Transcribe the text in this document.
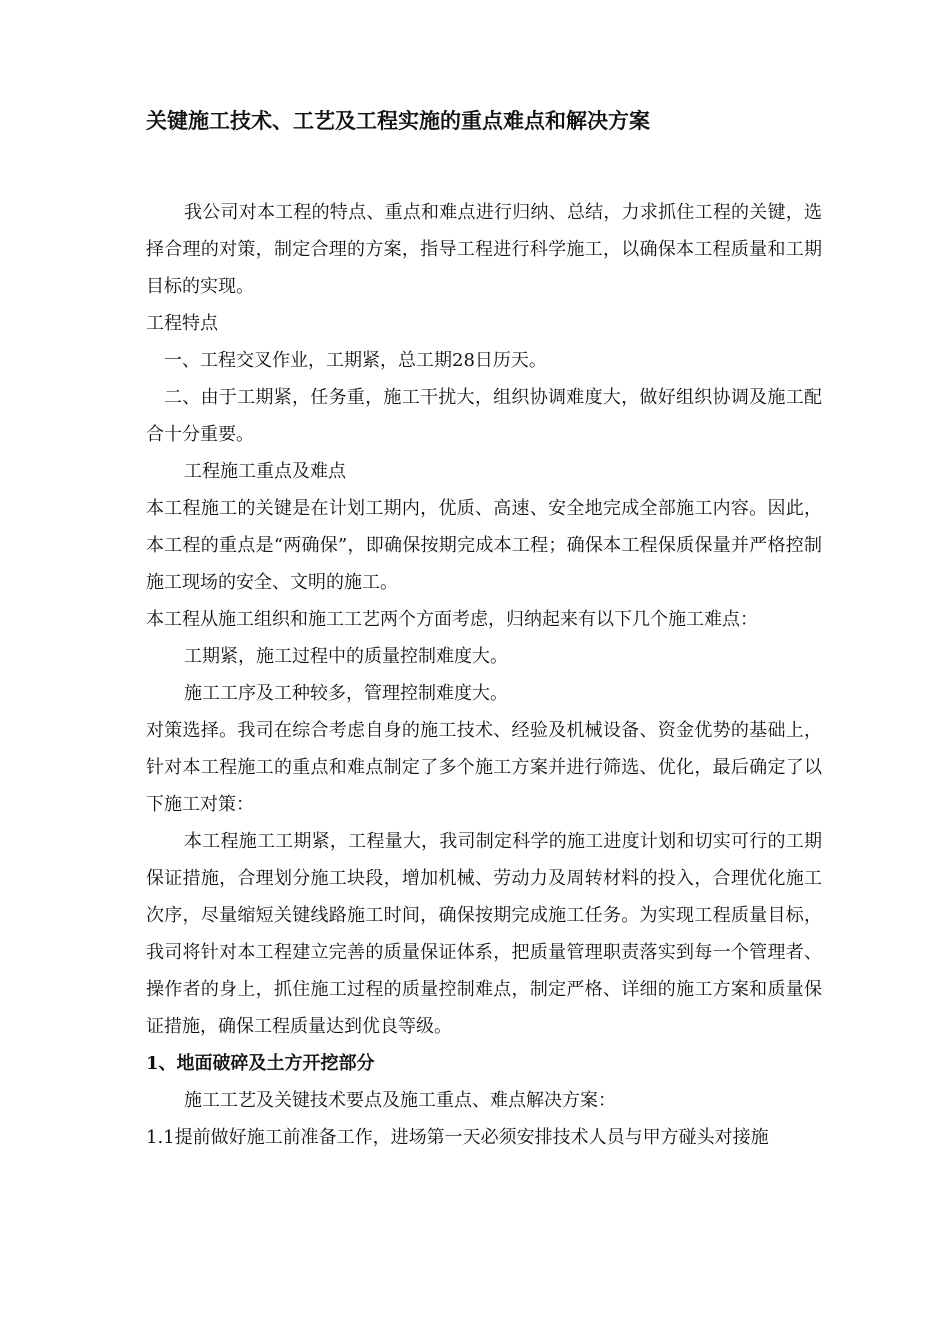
关键施工技术、工艺及工程实施的重点难点和解决方案

我公司对本工程的特点、重点和难点进行归纳、总结，力求抓住工程的关键，选择合理的对策，制定合理的方案，指导工程进行科学施工，以确保本工程质量和工期目标的实现。

工程特点

一、工程交叉作业，工期紧，总工期28日历天。

二、由于工期紧，任务重，施工干扰大，组织协调难度大，做好组织协调及施工配合十分重要。

工程施工重点及难点

本工程施工的关键是在计划工期内，优质、高速、安全地完成全部施工内容。因此，本工程的重点是“两确保”，即确保按期完成本工程；确保本工程保质保量并严格控制施工现场的安全、文明的施工。

本工程从施工组织和施工工艺两个方面考虑，归纳起来有以下几个施工难点：

工期紧，施工过程中的质量控制难度大。

施工工序及工种较多，管理控制难度大。

对策选择。我司在综合考虑自身的施工技术、经验及机械设备、资金优势的基础上，针对本工程施工的重点和难点制定了多个施工方案并进行筛选、优化，最后确定了以下施工对策：

本工程施工工期紧，工程量大，我司制定科学的施工进度计划和切实可行的工期保证措施，合理划分施工块段，增加机械、劳动力及周转材料的投入，合理优化施工次序，尽量缩短关键线路施工时间，确保按期完成施工任务。为实现工程质量目标，我司将针对本工程建立完善的质量保证体系，把质量管理职责落实到每一个管理者、操作者的身上，抓住施工过程的质量控制难点，制定严格、详细的施工方案和质量保证措施，确保工程质量达到优良等级。

1、地面破碎及土方开挖部分

施工工艺及关键技术要点及施工重点、难点解决方案：

1.1提前做好施工前准备工作，进场第一天必须安排技术人员与甲方碰头对接施
